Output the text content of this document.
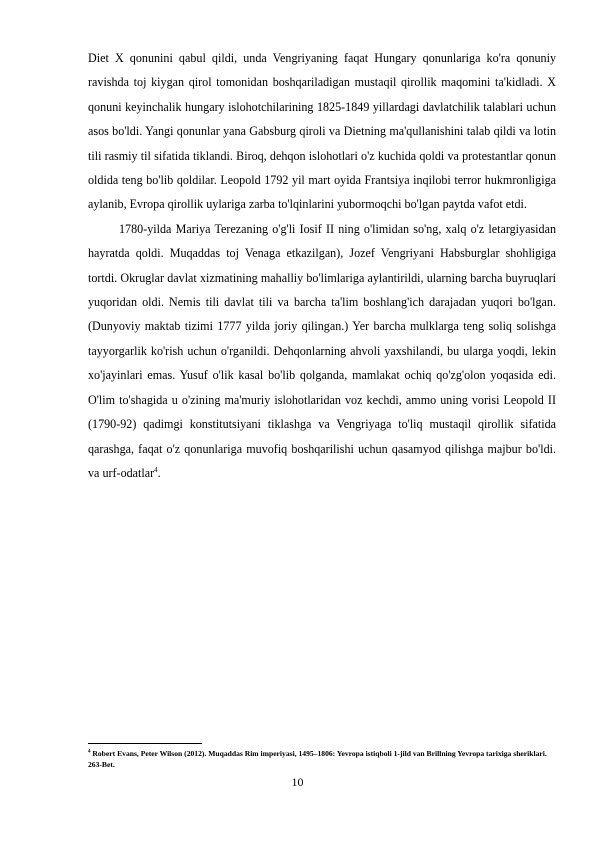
Diet X qonunini qabul qildi, unda Vengriyaning faqat Hungary qonunlariga ko'ra qonuniy ravishda toj kiygan qirol tomonidan boshqariladigan mustaqil qirollik maqomini ta'kidladi. X qonuni keyinchalik hungary islohotchilarining 1825-1849 yillardagi davlatchilik talablari uchun asos bo'ldi. Yangi qonunlar yana Gabsburg qiroli va Dietning ma'qullanishini talab qildi va lotin tili rasmiy til sifatida tiklandi. Biroq, dehqon islohotlari o'z kuchida qoldi va protestantlar qonun oldida teng bo'lib qoldilar. Leopold 1792 yil mart oyida Frantsiya inqilobi terror hukmronligiga aylanib, Evropa qirollik uylariga zarba to'lqinlarini yubormoqchi bo'lgan paytda vafot etdi.

1780-yilda Mariya Terezaning o'g'li Iosif II ning o'limidan so'ng, xalq o'z letargiyasidan hayratda qoldi. Muqaddas toj Venaga etkazilgan), Jozef Vengriyani Habsburglar shohligiga tortdi. Okruglar davlat xizmatining mahalliy bo'limlariga aylantirildi, ularning barcha buyruqlari yuqoridan oldi. Nemis tili davlat tili va barcha ta'lim boshlang'ich darajadan yuqori bo'lgan. (Dunyoviy maktab tizimi 1777 yilda joriy qilingan.) Yer barcha mulklarga teng soliq solishga tayyorgarlik ko'rish uchun o'rganildi. Dehqonlarning ahvoli yaxshilandi, bu ularga yoqdi, lekin xo'jayinlari emas. Yusuf o'lik kasal bo'lib qolganda, mamlakat ochiq qo'zg'olon yoqasida edi. O'lim to'shagida u o'zining ma'muriy islohotlaridan voz kechdi, ammo uning vorisi Leopold II (1790-92) qadimgi konstitutsiyani tiklashga va Vengriyaga to'liq mustaqil qirollik sifatida qarashga, faqat o'z qonunlariga muvofiq boshqarilishi uchun qasamyod qilishga majbur bo'ldi. va urf-odatlar$^4$.

$^4$ Robert Evans, Peter Wilson (2012). Muqaddas Rim imperiyasi, 1495–1806: Yevropa istiqboli 1-jild van Brillning Yevropa tarixiga sheriklari. 263-Bet.

10
